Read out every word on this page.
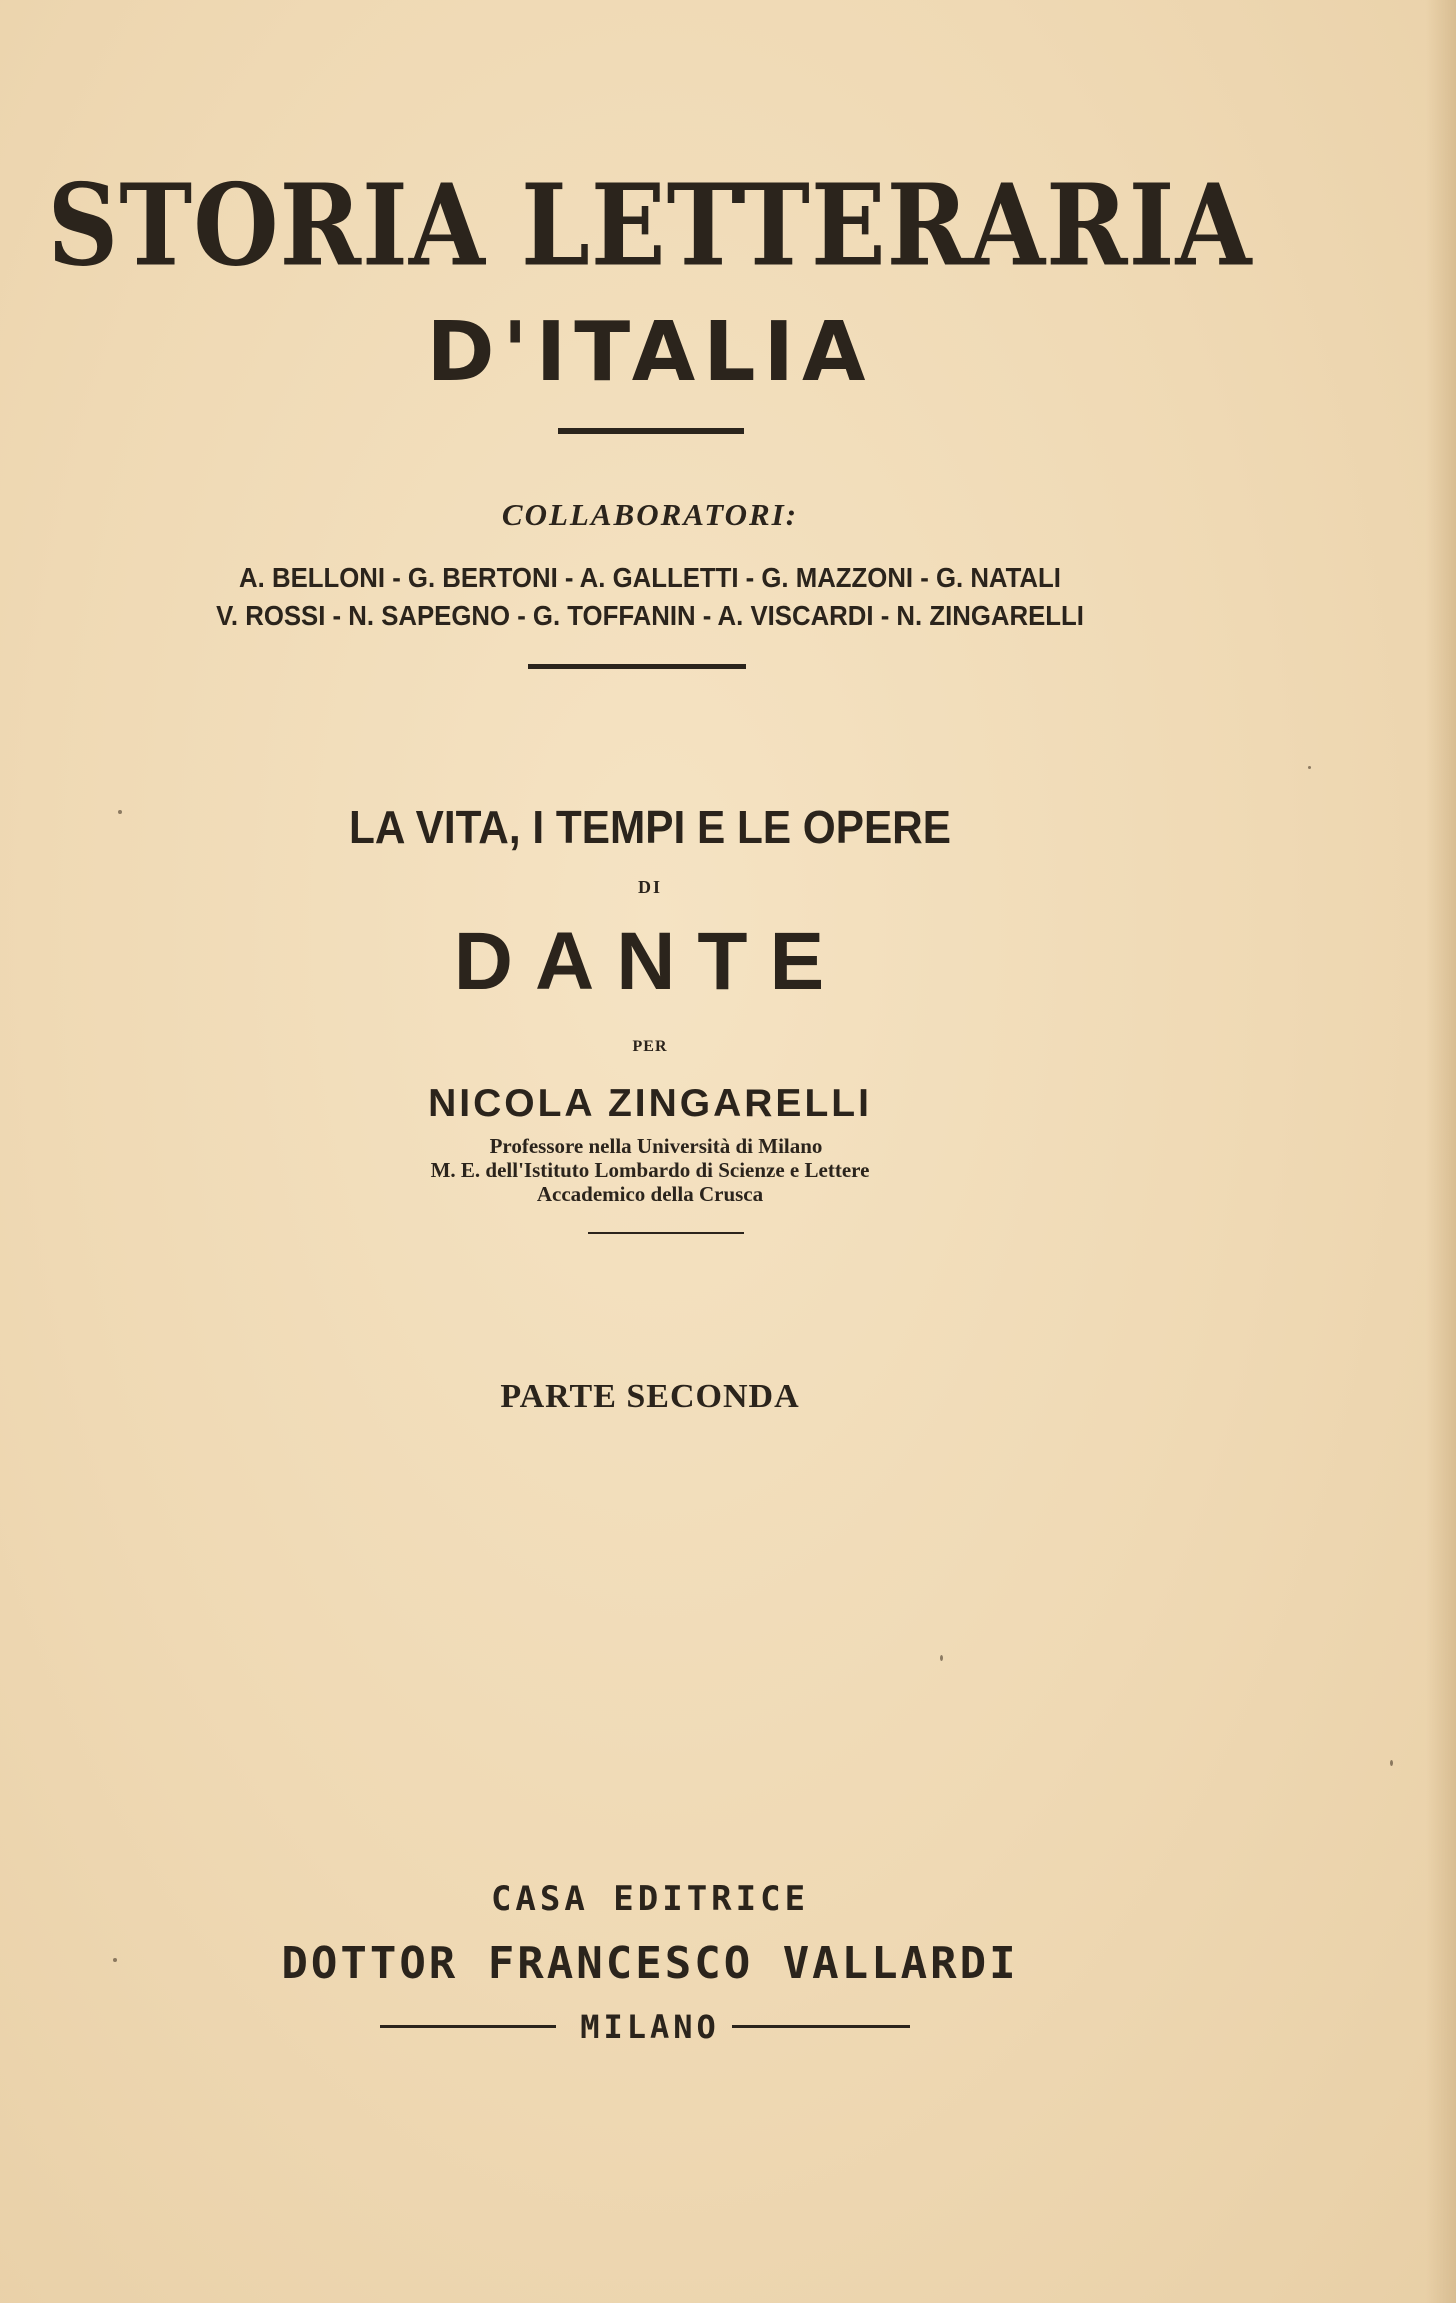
STORIA LETTERARIA
D'ITALIA
COLLABORATORI:
A. BELLONI - G. BERTONI - A. GALLETTI - G. MAZZONI - G. NATALI
V. ROSSI - N. SAPEGNO - G. TOFFANIN - A. VISCARDI - N. ZINGARELLI
LA VITA, I TEMPI E LE OPERE
DI
DANTE
PER
NICOLA ZINGARELLI
Professore nella Università di Milano
M. E. dell'Istituto Lombardo di Scienze e Lettere
Accademico della Crusca
PARTE SECONDA
CASA EDITRICE
DOTTOR FRANCESCO VALLARDI
MILANO
